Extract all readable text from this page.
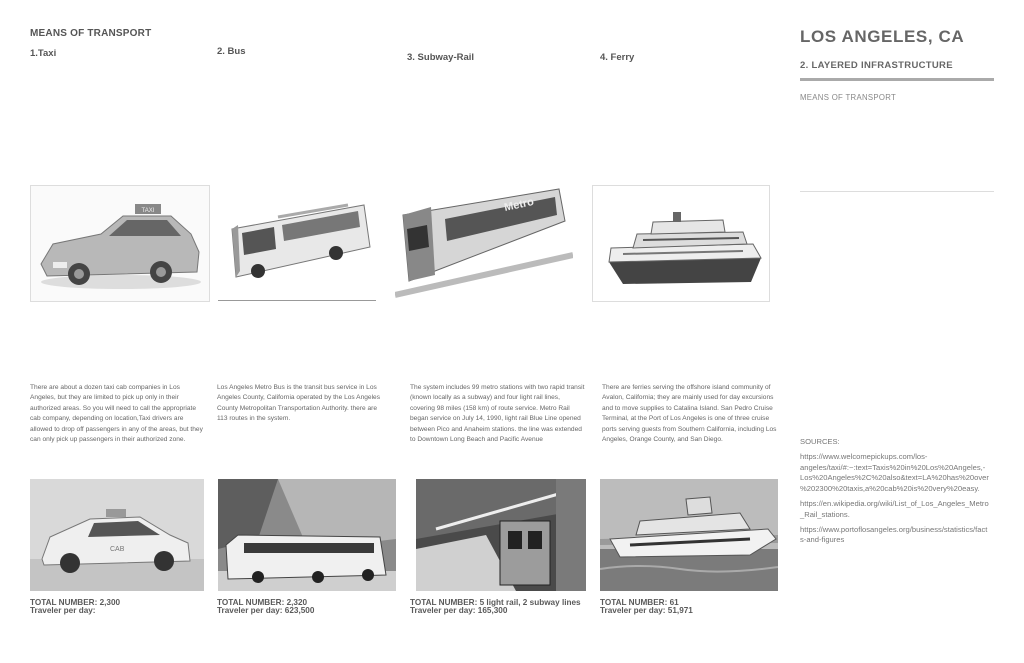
MEANS OF TRANSPORT
1.Taxi	2. Bus
3. Subway-Rail	4. Ferry
TAXI	Metro
There are about a dozen taxi cab companies in Los Angeles, but they are limited to pick up only in their authorized areas. So you will need to call the appropriate cab company, depending on location,Taxi drivers are allowed to drop off passengers in any of the areas, but they can only pick up passengers in their authorized zone.
Los Angeles Metro Bus is the transit bus service in Los Angeles County, California operated by the Los Angeles County Metropolitan Transportation Authority. there are 113 routes in the system.
The system includes 99 metro stations with two rapid transit (known locally as a subway) and four light rail lines, covering 98 miles (158 km) of route service. Metro Rail began service on July 14, 1990, light rail Blue Line opened between Pico and Anaheim stations. the line was extended to Downtown Long Beach and Pacific Avenue
There are ferries serving the offshore island community of Avalon, California; they are mainly used for day excursions and to move supplies to Catalina Island. San Pedro Cruise Terminal, at the Port of Los Angeles is one of three cruise ports serving guests from Southern California, including Los Angeles, Orange County, and San Diego.
CAB
TOTAL NUMBER: 2,300
Traveler per day:
TOTAL NUMBER: 2,320
Traveler per day: 623,500
TOTAL NUMBER: 5 light rail, 2 subway lines
Traveler per day: 165,300
TOTAL NUMBER: 61
Traveler per day: 51,971
LOS ANGELES, CA
2. LAYERED INFRASTRUCTURE
MEANS OF TRANSPORT
SOURCES:
https://www.welcomepickups.com/los-angeles/taxi/#:~:text=Taxis%20in%20Los%20Angeles,-Los%20Angeles%2C%20also&text=LA%20has%20over%202300%20taxis,a%20cab%20is%20very%20easy.
https://en.wikipedia.org/wiki/List_of_Los_Angeles_Metro_Rail_stations.
https://www.portoflosangeles.org/business/statistics/facts-and-figures
